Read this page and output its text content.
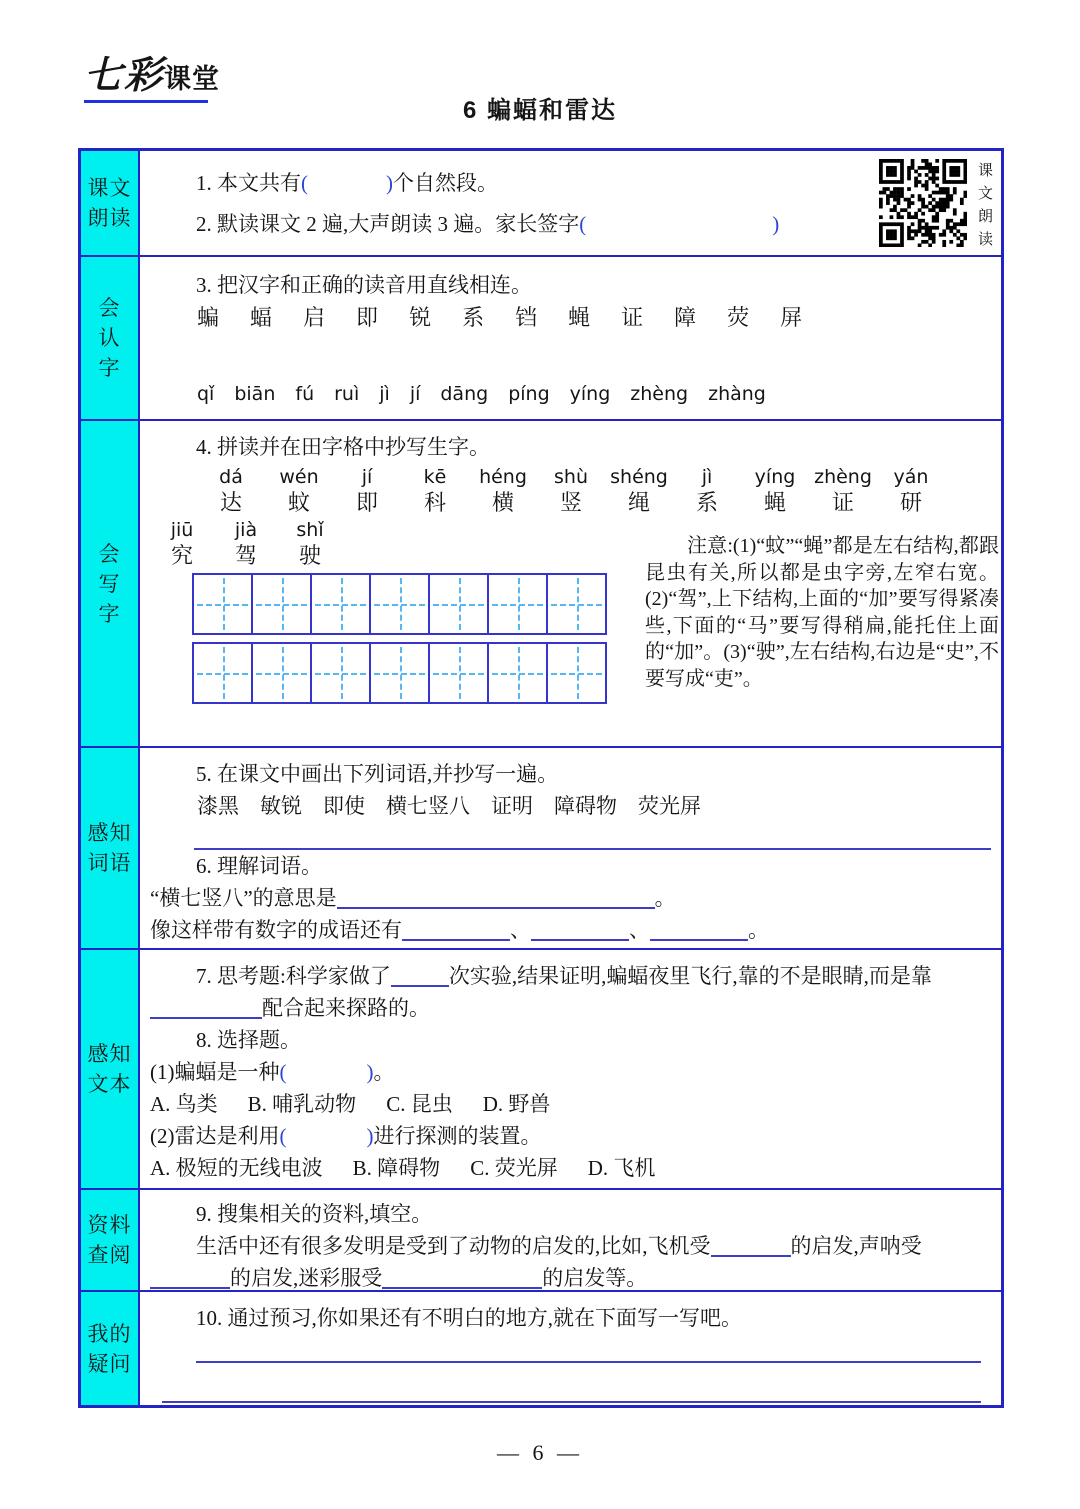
七彩课堂
6 蝙蝠和雷达
课文
朗读

1. 本文共有(	)个自然段。

2. 默读课文 2 遍,大声朗读 3 遍。家长签字(	)	课文朗读
会
认
字

3. 把汉字和正确的读音用直线相连。

蝙 蝠 启 即 锐 系 铛 蝇 证 障 荧 屏
qǐ biān fú ruì jì jí dāng píng yíng zhèng zhàng
会
写
字

4. 拼读并在田字格中抄写生字。

dá
达
wén
蚊
jí
即
kē
科
héng
横
shù
竖
shéng
绳
jì
系
yíng
蝇
zhèng
证
yán
研
jiū
究
jià
驾
shǐ
驶	注意:(1)“蚊”“蝇”都是左右结构,都跟昆虫有关,所以都是虫字旁,左窄右宽。(2)“驾”,上下结构,上面的“加”要写得紧凑些,下面的“马”要写得稍扁,能托住上面的“加”。(3)“驶”,左右结构,右边是“史”,不要写成“吏”。

感知
词语

5. 在课文中画出下列词语,并抄写一遍。

漆黑 敏锐 即使 横七竖八 证明 障碍物 荧光屏

6. 理解词语。

“横七竖八”的意思是	。

像这样带有数字的成语还有	、	、	。

感知
文本

7. 思考题:科学家做了	次实验,结果证明,蝙蝠夜里飞行,靠的不是眼睛,而是靠配合起来探路的。

8. 选择题。

(1)蝙蝠是一种(	)。

A. 鸟类 B. 哺乳动物 C. 昆虫 D. 野兽

(2)雷达是利用(	)进行探测的装置。

A. 极短的无线电波 B. 障碍物 C. 荧光屏 D. 飞机
资料
查阅

9. 搜集相关的资料,填空。

生活中还有很多发明是受到了动物的启发的,比如,飞机受	的启发,声呐受的启发,迷彩服受	的启发等。

我的
疑问

10. 通过预习,你如果还有不明白的地方,就在下面写一写吧。

— 6 —
